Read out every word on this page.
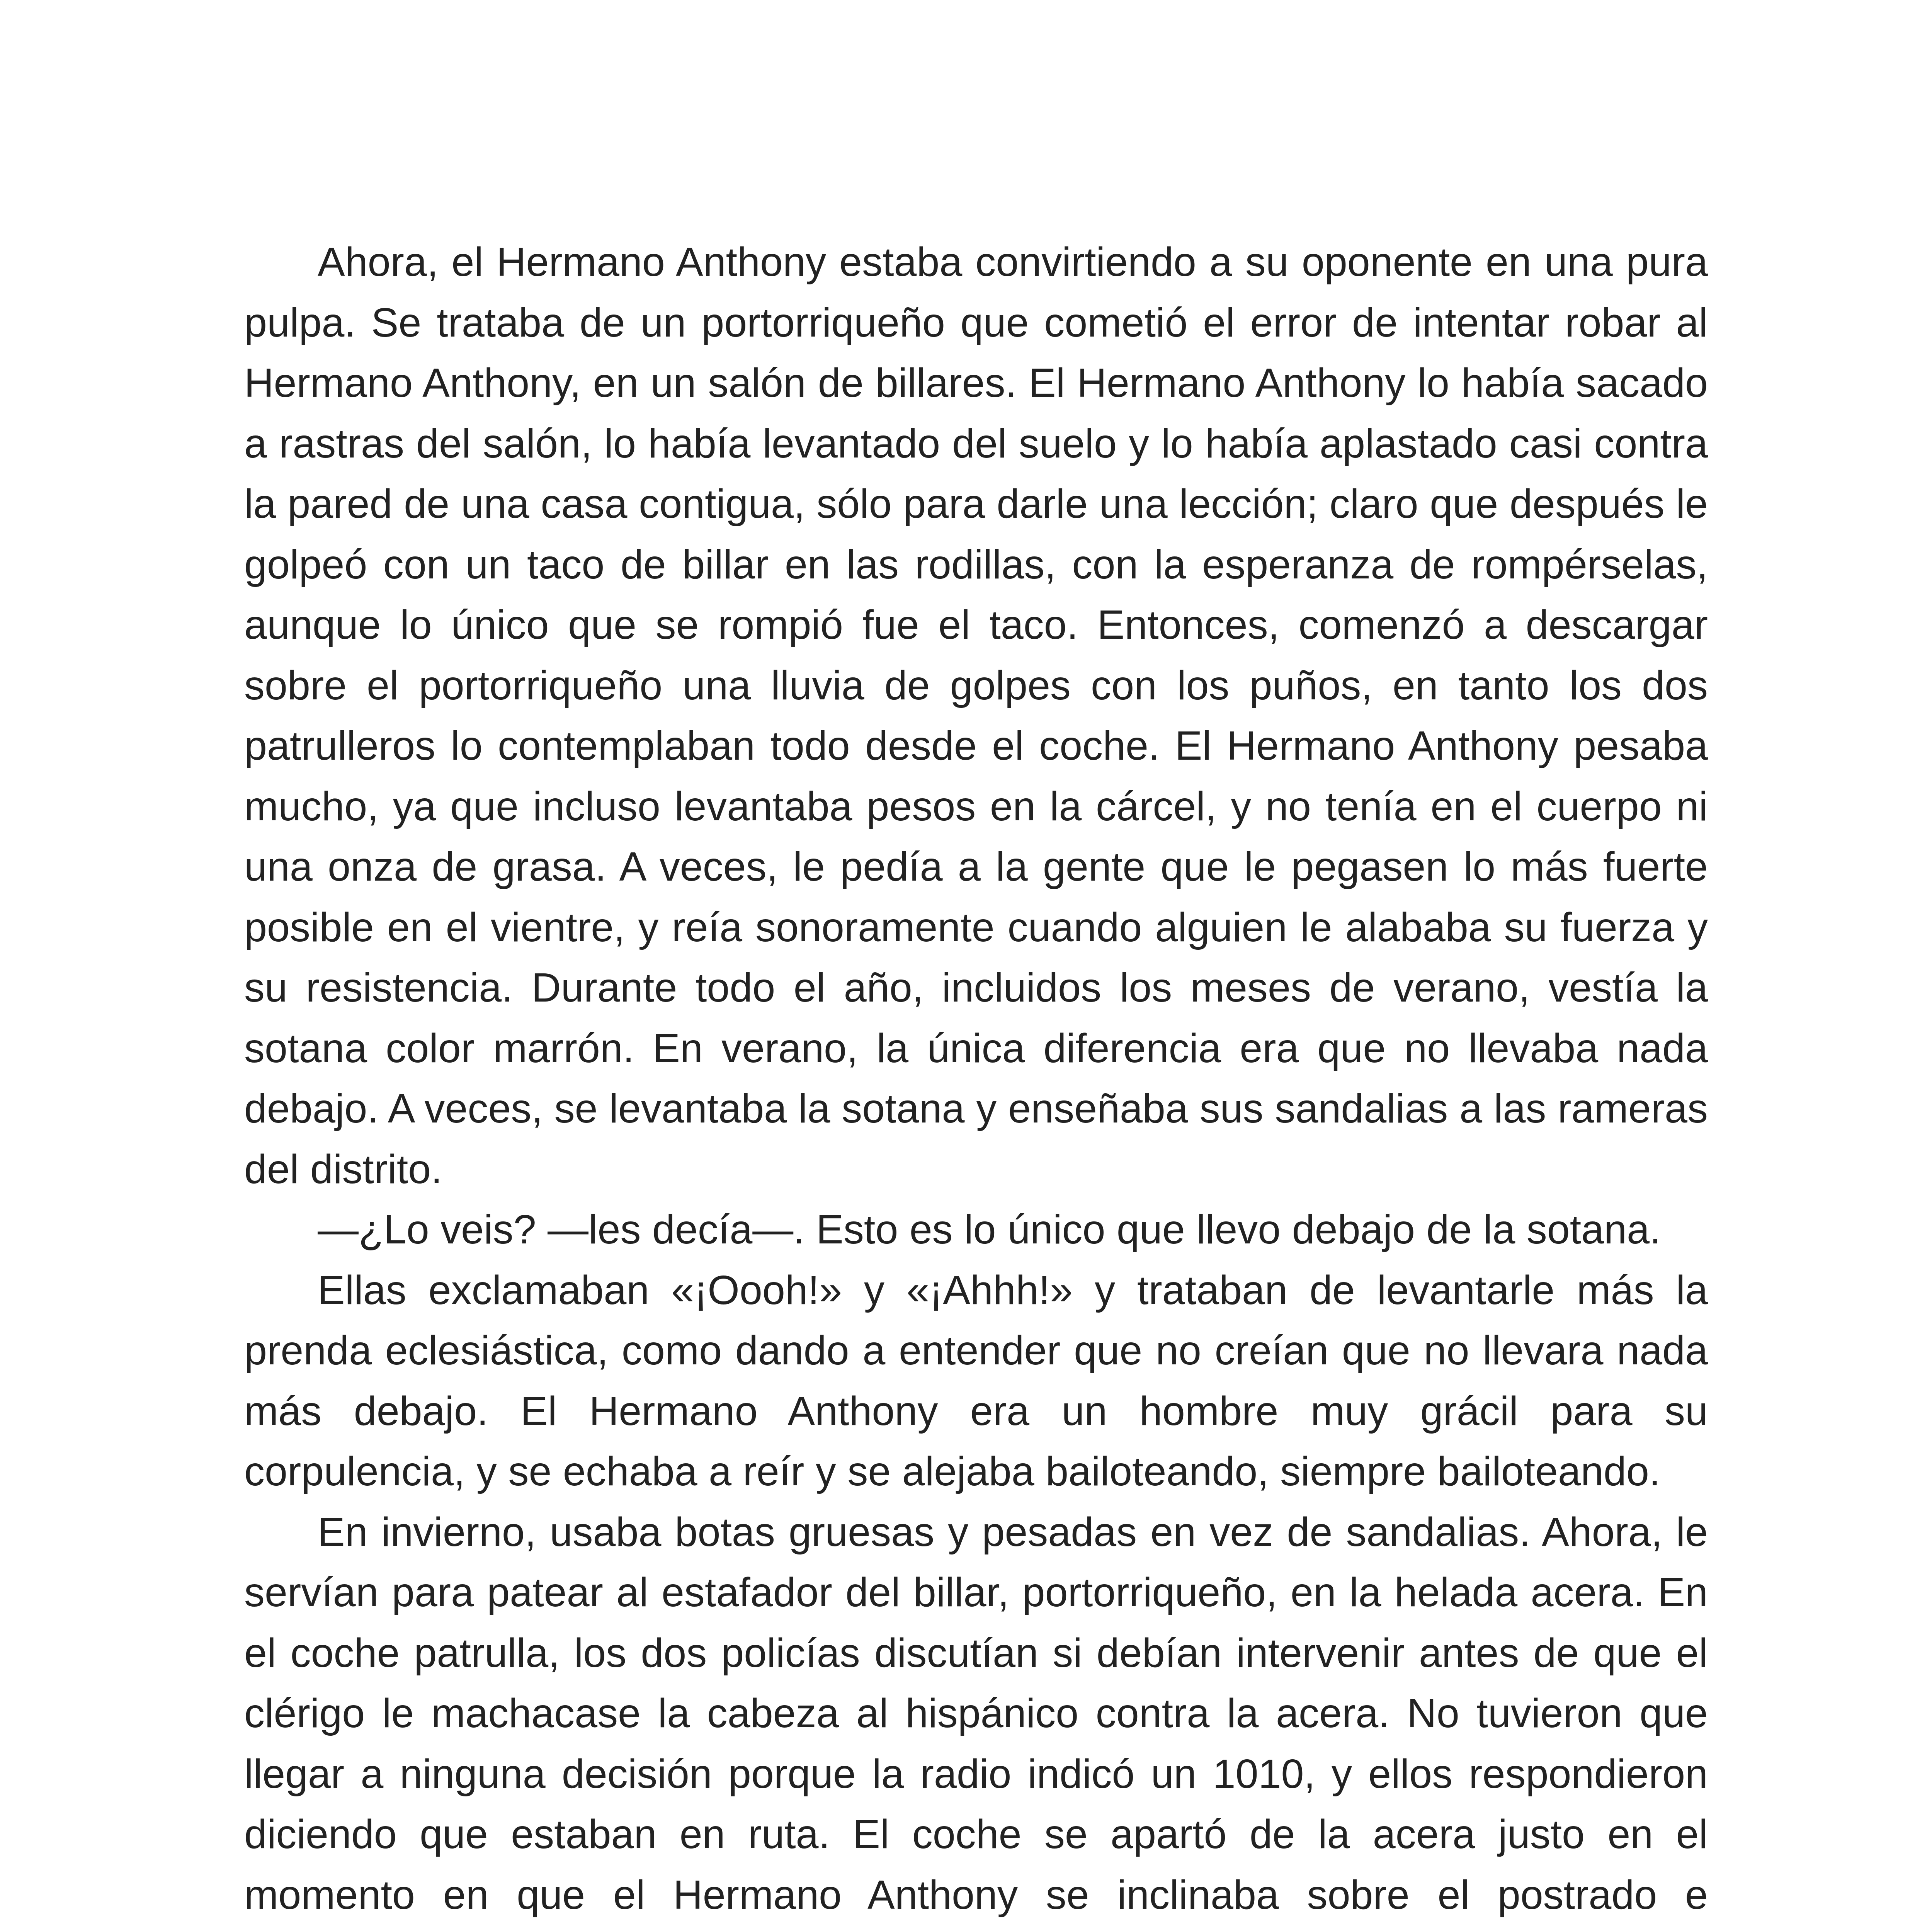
Ahora, el Hermano Anthony estaba convirtiendo a su oponente en una pura pulpa. Se trataba de un portorriqueño que cometió el error de intentar robar al Hermano Anthony, en un salón de billares. El Hermano Anthony lo había sacado a rastras del salón, lo había levantado del suelo y lo había aplastado casi contra la pared de una casa contigua, sólo para darle una lección; claro que después le golpeó con un taco de billar en las rodillas, con la esperanza de rompérselas, aunque lo único que se rompió fue el taco. Entonces, comenzó a descargar sobre el portorriqueño una lluvia de golpes con los puños, en tanto los dos patrulleros lo contemplaban todo desde el coche. El Hermano Anthony pesaba mucho, ya que incluso levantaba pesos en la cárcel, y no tenía en el cuerpo ni una onza de grasa. A veces, le pedía a la gente que le pegasen lo más fuerte posible en el vientre, y reía sonoramente cuando alguien le alababa su fuerza y su resistencia. Durante todo el año, incluidos los meses de verano, vestía la sotana color marrón. En verano, la única diferencia era que no llevaba nada debajo. A veces, se levantaba la sotana y enseñaba sus sandalias a las rameras del distrito.

—¿Lo veis? —les decía—. Esto es lo único que llevo debajo de la sotana.

Ellas exclamaban «¡Oooh!» y «¡Ahhh!» y trataban de levantarle más la prenda eclesiástica, como dando a entender que no creían que no llevara nada más debajo. El Hermano Anthony era un hombre muy grácil para su corpulencia, y se echaba a reír y se alejaba bailoteando, siempre bailoteando.

En invierno, usaba botas gruesas y pesadas en vez de sandalias. Ahora, le servían para patear al estafador del billar, portorriqueño, en la helada acera. En el coche patrulla, los dos policías discutían si debían intervenir antes de que el clérigo le machacase la cabeza al hispánico contra la acera. No tuvieron que llegar a ninguna decisión porque la radio indicó un 1010, y ellos respondieron diciendo que estaban en ruta. El coche se apartó de la acera justo en el momento en que el Hermano Anthony se inclinaba sobre el postrado e
